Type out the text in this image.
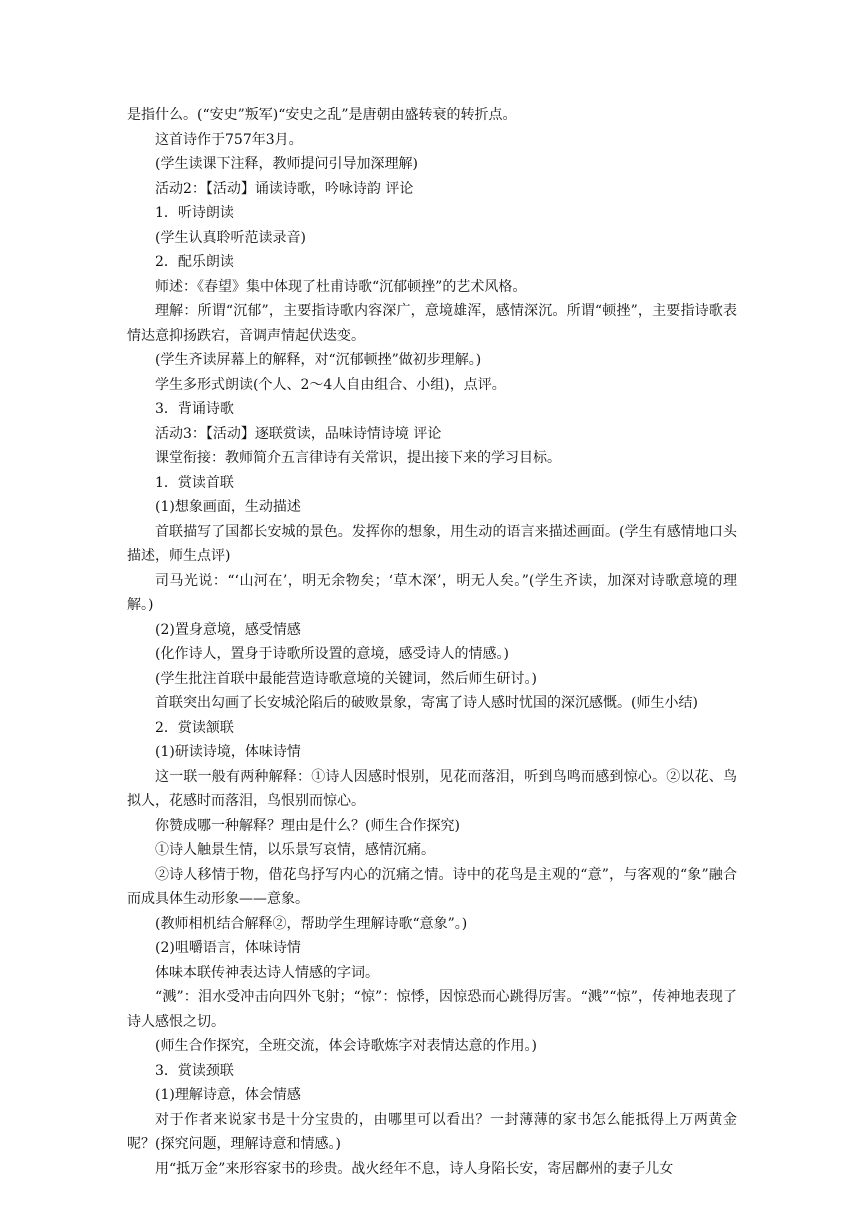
是指什么。(“安史”叛军)“安史之乱”是唐朝由盛转衰的转折点。

这首诗作于757年3月。

(学生读课下注释，教师提问引导加深理解)

活动2：【活动】诵读诗歌，吟咏诗韵 评论

1．听诗朗读

(学生认真聆听范读录音)

2．配乐朗读

师述：《春望》集中体现了杜甫诗歌“沉郁顿挫”的艺术风格。

理解：所谓“沉郁”，主要指诗歌内容深广，意境雄浑，感情深沉。所谓“顿挫”，主要指诗歌表情达意抑扬跌宕，音调声情起伏迭变。

(学生齐读屏幕上的解释，对“沉郁顿挫”做初步理解。)

学生多形式朗读(个人、2～4人自由组合、小组)，点评。

3．背诵诗歌

活动3：【活动】逐联赏读，品味诗情诗境 评论

课堂衔接：教师简介五言律诗有关常识，提出接下来的学习目标。

1．赏读首联

(1)想象画面，生动描述

首联描写了国都长安城的景色。发挥你的想象，用生动的语言来描述画面。(学生有感情地口头描述，师生点评)

司马光说：“‘山河在’，明无余物矣；‘草木深’，明无人矣。”(学生齐读，加深对诗歌意境的理解。)

(2)置身意境，感受情感

(化作诗人，置身于诗歌所设置的意境，感受诗人的情感。)

(学生批注首联中最能营造诗歌意境的关键词，然后师生研讨。)

首联突出勾画了长安城沦陷后的破败景象，寄寓了诗人感时忧国的深沉感慨。(师生小结)

2．赏读颔联

(1)研读诗境，体味诗情

这一联一般有两种解释：①诗人因感时恨别，见花而落泪，听到鸟鸣而感到惊心。②以花、鸟拟人，花感时而落泪，鸟恨别而惊心。

你赞成哪一种解释？理由是什么？(师生合作探究)

①诗人触景生情，以乐景写哀情，感情沉痛。

②诗人移情于物，借花鸟抒写内心的沉痛之情。诗中的花鸟是主观的“意”，与客观的“象”融合而成具体生动形象——意象。

(教师相机结合解释②，帮助学生理解诗歌“意象”。)

(2)咀嚼语言，体味诗情

体味本联传神表达诗人情感的字词。

“溅”：泪水受冲击向四外飞射；“惊”：惊悸，因惊恐而心跳得厉害。“溅”“惊”，传神地表现了诗人感恨之切。

(师生合作探究，全班交流，体会诗歌炼字对表情达意的作用。)

3．赏读颈联

(1)理解诗意，体会情感

对于作者来说家书是十分宝贵的，由哪里可以看出？一封薄薄的家书怎么能抵得上万两黄金呢？(探究问题，理解诗意和情感。)

用“抵万金”来形容家书的珍贵。战火经年不息，诗人身陷长安，寄居鄜州的妻子儿女
